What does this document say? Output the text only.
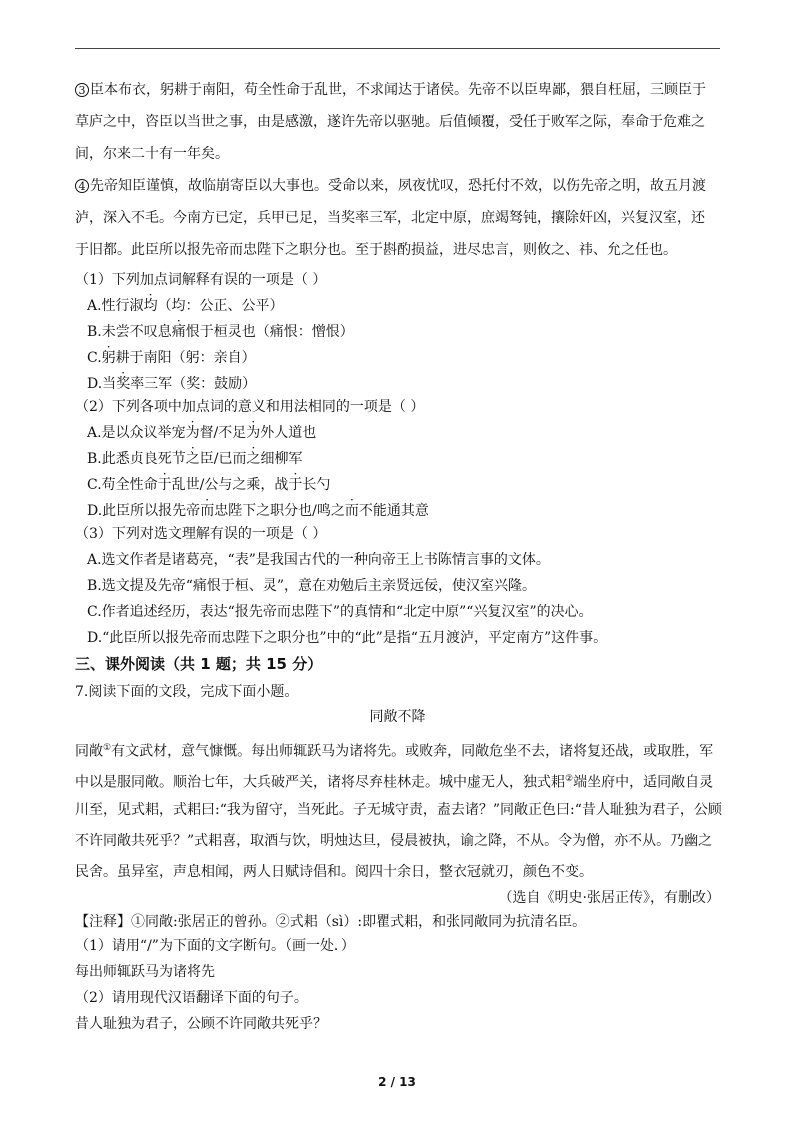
3 臣本布衣，躬耕于南阳，苟全性命于乱世，不求闻达于诸侯。先帝不以臣卑鄙，猥自枉屈，三顾臣于
草庐之中，咨臣以当世之事，由是感激，遂许先帝以驱驰。后值倾覆，受任于败军之际，奉命于危难之
间，尔来二十有一年矣。
4 先帝知臣谨慎，故临崩寄臣以大事也。受命以来，夙夜忧叹，恐托付不效，以伤先帝之明，故五月渡
泸，深入不毛。今南方已定，兵甲已足，当奖率三军，北定中原，庶竭驽钝，攘除奸凶，兴复汉室，还
于旧都。此臣所以报先帝而忠陛下之职分也。至于斟酌损益，进尽忠言，则攸之、祎、允之任也。
（1）下列加点词解释有误的一项是（ ）
A.性行淑均（均：公正、公平）
B.未尝不叹息痛恨于桓灵也（痛恨：憎恨）
C.躬耕于南阳（躬：亲自）
D.当奖率三军（奖：鼓励）
（2）下列各项中加点词的意义和用法相同的一项是（ ）
A.是以众议举宠为督/不足为外人道也
B.此悉贞良死节之臣/已而之细柳军
C.苟全性命于乱世/公与之乘，战于长勺
D.此臣所以报先帝而忠陛下之职分也/鸣之而不能通其意
（3）下列对选文理解有误的一项是（ ）
A.选文作者是诸葛亮，“表”是我国古代的一种向帝王上书陈情言事的文体。
B.选文提及先帝“痛恨于桓、灵”，意在劝勉后主亲贤远佞，使汉室兴隆。
C.作者追述经历，表达“报先帝而忠陛下”的真情和“北定中原”“兴复汉室”的决心。
D.“此臣所以报先帝而忠陛下之职分也”中的“此”是指“五月渡泸，平定南方”这件事。
三、课外阅读（共 1 题；共 15 分）
7.阅读下面的文段，完成下面小题。
同敞不降
同敞①有文武材，意气慷慨。每出师辄跃马为诸将先。或败奔，同敞危坐不去，诸将复还战，或取胜，军
中以是服同敞。顺治七年，大兵破严关，诸将尽弃桂林走。城中虚无人，独式耜②端坐府中，适同敞自灵
川至，见式耜，式耜曰:“我为留守，当死此。子无城守责，盍去诸？”同敞正色曰:“昔人耻独为君子，公顾
不许同敞共死乎？”式耜喜，取酒与饮，明烛达旦，侵晨被执，谕之降，不从。令为僧，亦不从。乃幽之
民舍。虽异室，声息相闻，两人日赋诗倡和。阅四十余日，整衣冠就刃，颜色不变。
（选自《明史·张居正传》，有删改）
【注释】①同敞:张居正的曾孙。②式耜（sì）:即瞿式耜，和张同敞同为抗清名臣。
（1）请用“/”为下面的文字断句。（画一处．）
每出师辄跃马为诸将先
（2）请用现代汉语翻译下面的句子。
昔人耻独为君子，公顾不许同敞共死乎？
2 / 13
